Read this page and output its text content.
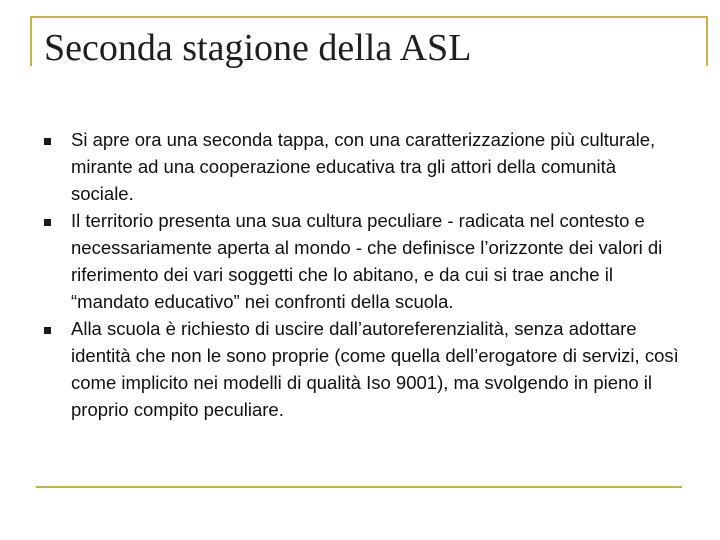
Seconda stagione della ASL
Si apre ora una seconda tappa, con una caratterizzazione più culturale, mirante ad una cooperazione educativa tra gli attori della comunità sociale.
Il territorio presenta una sua cultura peculiare - radicata nel contesto e necessariamente aperta al mondo - che definisce l’orizzonte dei valori di riferimento dei vari soggetti che lo abitano, e da cui si trae anche il “mandato educativo” nei confronti della scuola.
Alla scuola è richiesto di uscire dall’autoreferenzialità, senza adottare identità che non le sono proprie (come quella dell’erogatore di servizi, così come implicito nei modelli di qualità Iso 9001), ma svolgendo in pieno il proprio compito peculiare.
